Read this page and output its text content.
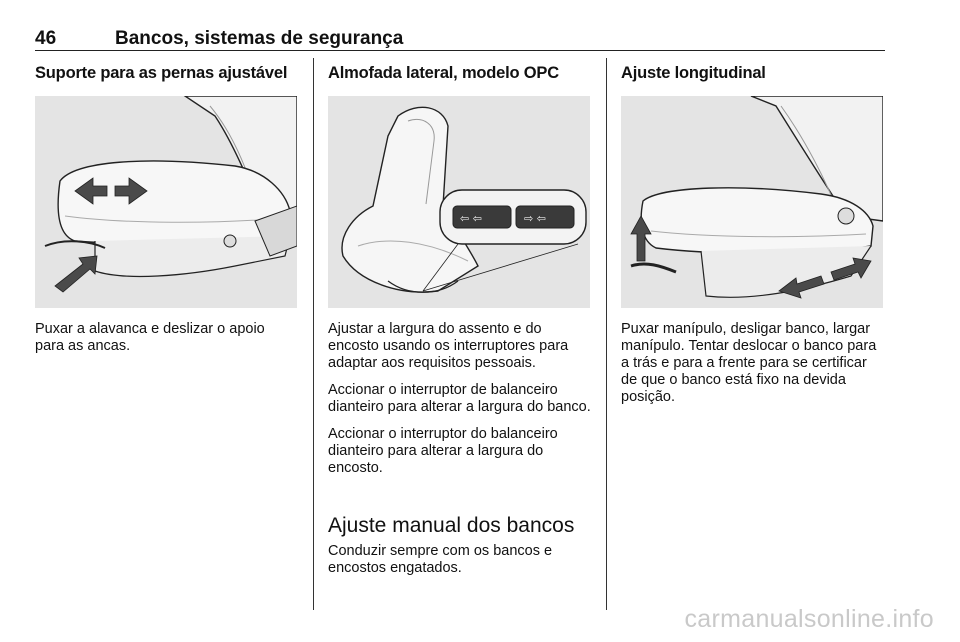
46	Bancos, sistemas de segurança
Suporte para as pernas ajustável

Puxar a alavanca e deslizar o apoio para as ancas.

Almofada lateral, modelo OPC
⇦ ⇦	⇨ ⇦

Ajustar a largura do assento e do encosto usando os interruptores para adaptar aos requisitos pessoais.

Accionar o interruptor de balanceiro dianteiro para alterar a largura do banco.

Accionar o interruptor do balanceiro dianteiro para alterar a largura do encosto.

Ajuste manual dos bancos

Conduzir sempre com os bancos e encostos engatados.

Ajuste longitudinal

Puxar manípulo, desligar banco, largar manípulo. Tentar deslocar o banco para a trás e para a frente para se certificar de que o banco está fixo na devida posição.

carmanualsonline.info
